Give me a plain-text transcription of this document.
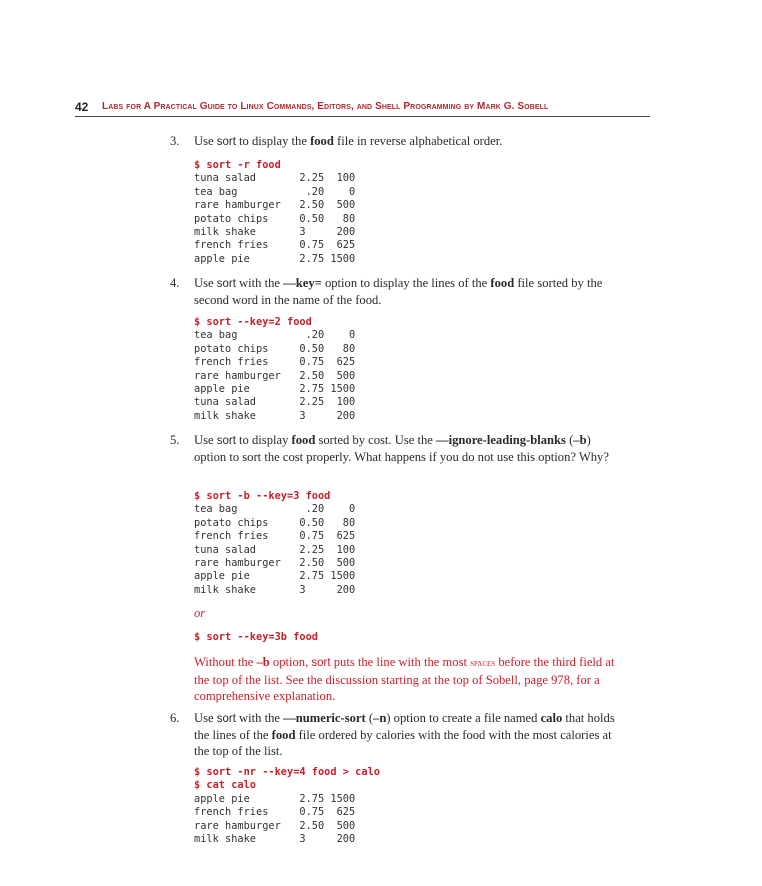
42 Labs for A Practical Guide to Linux Commands, Editors, and Shell Programming by Mark G. Sobell
3. Use sort to display the food file in reverse alphabetical order.
$ sort -r food
tuna salad       2.25  100
tea bag           .20    0
rare hamburger   2.50  500
potato chips     0.50   80
milk shake       3     200
french fries     0.75  625
apple pie        2.75 1500
4. Use sort with the ––key= option to display the lines of the food file sorted by the second word in the name of the food.
$ sort --key=2 food
tea bag           .20    0
potato chips     0.50   80
french fries     0.75  625
rare hamburger   2.50  500
apple pie        2.75 1500
tuna salad       2.25  100
milk shake       3     200
5. Use sort to display food sorted by cost. Use the ––ignore-leading-blanks (–b) option to sort the cost properly. What happens if you do not use this option? Why?
$ sort -b --key=3 food
tea bag           .20    0
potato chips     0.50   80
french fries     0.75  625
tuna salad       2.25  100
rare hamburger   2.50  500
apple pie        2.75 1500
milk shake       3     200
or
$ sort --key=3b food
Without the –b option, sort puts the line with the most spaces before the third field at the top of the list. See the discussion starting at the top of Sobell, page 978, for a comprehensive explanation.
6. Use sort with the ––numeric-sort (–n) option to create a file named calo that holds the lines of the food file ordered by calories with the food with the most calories at the top of the list.
$ sort -nr --key=4 food > calo
$ cat calo
apple pie        2.75 1500
french fries     0.75  625
rare hamburger   2.50  500
milk shake       3     200
